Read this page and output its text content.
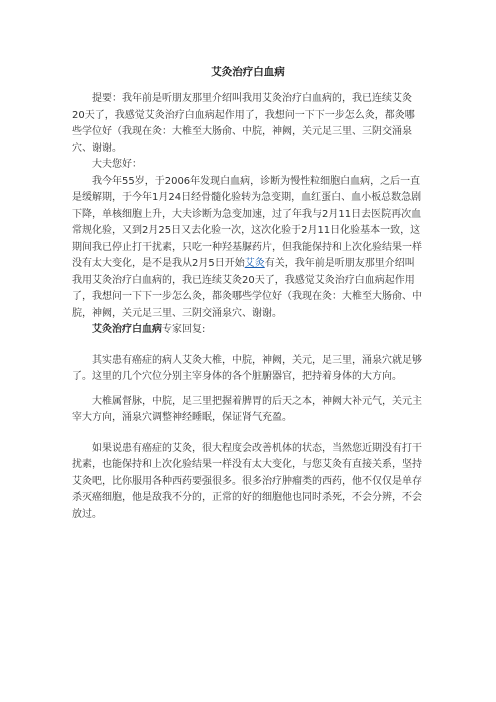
艾灸治疗白血病

提要：我年前是听朋友那里介绍叫我用艾灸治疗白血病的，我已连续艾灸20天了，我感觉艾灸治疗白血病起作用了，我想问一下下一步怎么灸，都灸哪些学位好（我现在灸：大椎至大肠俞、中脘，神阙，关元足三里、三阴交涌泉穴、谢谢。

大夫您好：

我今年55岁，于2006年发现白血病，诊断为慢性粒细胞白血病，之后一直是缓解期，于今年1月24日经骨髓化验转为急变期，血红蛋白、血小板总数急剧下降，单核细胞上升，大夫诊断为急变加速，过了年我与2月11日去医院再次血常规化验，又到2月25日又去化验一次，这次化验于2月11日化验基本一致，这期间我已停止打干扰素，只吃一种羟基脲药片，但我能保持和上次化验结果一样没有太大变化，是不是我从2月5日开始艾灸有关，我年前是听朋友那里介绍叫我用艾灸治疗白血病的，我已连续艾灸20天了，我感觉艾灸治疗白血病起作用了，我想问一下下一步怎么灸，都灸哪些学位好（我现在灸：大椎至大肠俞、中脘，神阙，关元足三里、三阴交涌泉穴、谢谢。

艾灸治疗白血病专家回复:

其实患有癌症的病人艾灸大椎，中脘，神阙，关元，足三里，涌泉穴就足够了。这里的几个穴位分别主宰身体的各个脏腑器官，把持着身体的大方向。

大椎属督脉，中脘，足三里把握着脾胃的后天之本，神阙大补元气，关元主宰大方向，涌泉穴调整神经睡眠，保证肾气充盈。

如果说患有癌症的艾灸，很大程度会改善机体的状态，当然您近期没有打干扰素，也能保持和上次化验结果一样没有太大变化，与您艾灸有直接关系，坚持艾灸吧，比你服用各种西药要强很多。很多治疗肿瘤类的西药，他不仅仅是单存杀灭癌细胞，他是敌我不分的，正常的好的细胞他也同时杀死，不会分辨，不会放过。
